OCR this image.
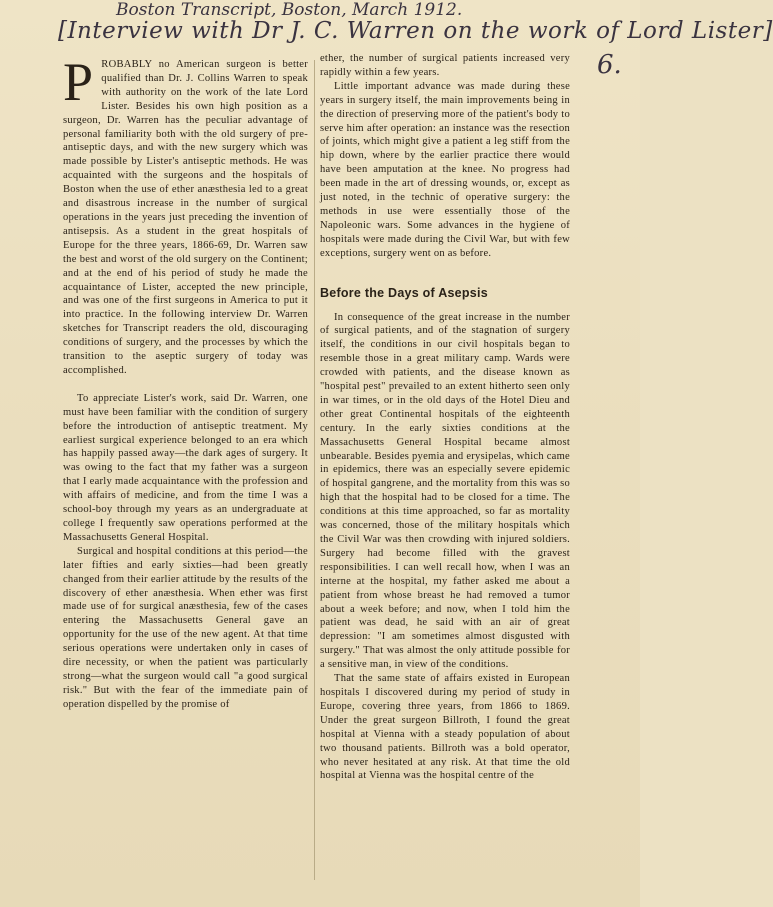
Boston Transcript, Boston, March 1912.
[Interview with Dr J. C. Warren on the work of Lord Lister]
6.

P ROBABLY no American surgeon is better qualified than Dr. J. Collins Warren to speak with authority on the work of the late Lord Lister. Besides his own high position as a surgeon, Dr. Warren has the peculiar advantage of personal familiarity both with the old surgery of pre-antiseptic days, and with the new surgery which was made possible by Lister's antiseptic methods. He was acquainted with the surgeons and the hospitals of Boston when the use of ether anæsthesia led to a great and disastrous increase in the number of surgical operations in the years just preceding the invention of antisepsis. As a student in the great hospitals of Europe for the three years, 1866-69, Dr. Warren saw the best and worst of the old surgery on the Continent; and at the end of his period of study he made the acquaintance of Lister, accepted the new principle, and was one of the first surgeons in America to put it into practice. In the following interview Dr. Warren sketches for Transcript readers the old, discouraging conditions of surgery, and the processes by which the transition to the aseptic surgery of today was accomplished.

To appreciate Lister's work, said Dr. Warren, one must have been familiar with the condition of surgery before the introduction of antiseptic treatment. My earliest surgical experience belonged to an era which has happily passed away—the dark ages of surgery. It was owing to the fact that my father was a surgeon that I early made acquaintance with the profession and with affairs of medicine, and from the time I was a school-boy through my years as an undergraduate at college I frequently saw operations performed at the Massachusetts General Hospital.

Surgical and hospital conditions at this period—the later fifties and early sixties—had been greatly changed from their earlier attitude by the results of the discovery of ether anæsthesia. When ether was first made use of for surgical anæsthesia, few of the cases entering the Massachusetts General gave an opportunity for the use of the new agent. At that time serious operations were undertaken only in cases of dire necessity, or when the patient was particularly strong—what the surgeon would call "a good surgical risk." But with the fear of the immediate pain of operation dispelled by the promise of

ether, the number of surgical patients increased very rapidly within a few years.

Little important advance was made during these years in surgery itself, the main improvements being in the direction of preserving more of the patient's body to serve him after operation: an instance was the resection of joints, which might give a patient a leg stiff from the hip down, where by the earlier practice there would have been amputation at the knee. No progress had been made in the art of dressing wounds, or, except as just noted, in the technic of operative surgery: the methods in use were essentially those of the Napoleonic wars. Some advances in the hygiene of hospitals were made during the Civil War, but with few exceptions, surgery went on as before.

Before the Days of Asepsis

In consequence of the great increase in the number of surgical patients, and of the stagnation of surgery itself, the conditions in our civil hospitals began to resemble those in a great military camp. Wards were crowded with patients, and the disease known as "hospital pest" prevailed to an extent hitherto seen only in war times, or in the old days of the Hotel Dieu and other great Continental hospitals of the eighteenth century. In the early sixties conditions at the Massachusetts General Hospital became almost unbearable. Besides pyemia and erysipelas, which came in epidemics, there was an especially severe epidemic of hospital gangrene, and the mortality from this was so high that the hospital had to be closed for a time. The conditions at this time approached, so far as mortality was concerned, those of the military hospitals which the Civil War was then crowding with injured soldiers. Surgery had become filled with the gravest responsibilities. I can well recall how, when I was an interne at the hospital, my father asked me about a patient from whose breast he had removed a tumor about a week before; and now, when I told him the patient was dead, he said with an air of great depression: "I am sometimes almost disgusted with surgery." That was almost the only attitude possible for a sensitive man, in view of the conditions.

That the same state of affairs existed in European hospitals I discovered during my period of study in Europe, covering three years, from 1866 to 1869. Under the great surgeon Billroth, I found the great hospital at Vienna with a steady population of about two thousand patients. Billroth was a bold operator, who never hesitated at any risk. At that time the old hospital at Vienna was the hospital centre of the
